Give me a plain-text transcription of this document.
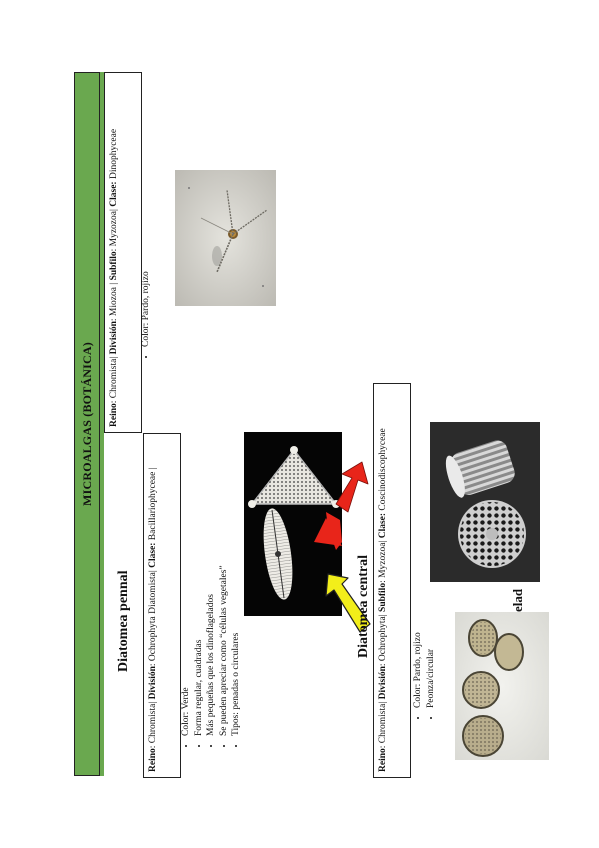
MICROALGAS (BOTÁNICA)	Reino: Chromista| División: Miozoa | Subfilo: Myzozoa| Clase: Dinophyceae
• Color: Pardo, rojizo
Diatomea pennal
Reino: Chromista| División: Ochrophyta Diatomista| Clase: Bacillariophyceae |
• Color: Verde • Forma regular, cuadradas • Más pequeñas que los dinoflagelados • Se pueden apreciar como “células vegetales” • Tipos: penadas o circulares
Diatomea central
Reino: Chromista| División: Ochrophyta| Subfilo: Myzozoa| Clase: Coscinodiscophyceae
• Color: Pardo, rojizo • Peonza/circular
elad
